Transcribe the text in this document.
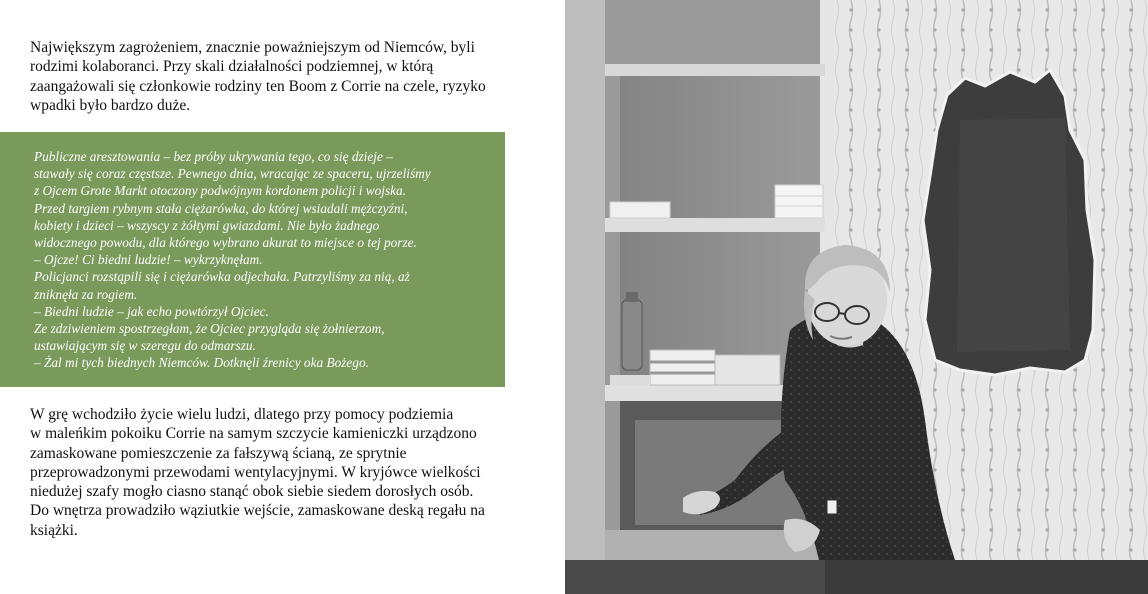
Największym zagrożeniem, znacznie poważniejszym od Niemców, byli
rodzimi kolaboranci. Przy skali działalności podziemnej, w którą
zaangażowali się członkowie rodziny ten Boom z Corrie na czele, ryzyko
wpadki było bardzo duże.

Publiczne aresztowania – bez próby ukrywania tego, co się dzieje –
stawały się coraz częstsze. Pewnego dnia, wracając ze spaceru, ujrzeliśmy
z Ojcem Grote Markt otoczony podwójnym kordonem policji i wojska.
Przed targiem rybnym stała ciężarówka, do której wsiadali mężczyźni,
kobiety i dzieci – wszyscy z żółtymi gwiazdami. Nie było żadnego
widocznego powodu, dla którego wybrano akurat to miejsce o tej porze.
– Ojcze! Ci biedni ludzie! – wykrzyknęłam.
Policjanci rozstąpili się i ciężarówka odjechała. Patrzyliśmy za nią, aż
zniknęła za rogiem.
– Biedni ludzie – jak echo powtórzył Ojciec.
Ze zdziwieniem spostrzegłam, że Ojciec przygląda się żołnierzom,
ustawiającym się w szeregu do odmarszu.
– Żal mi tych biednych Niemców. Dotknęli źrenicy oka Bożego.

W grę wchodziło życie wielu ludzi, dlatego przy pomocy podziemia
w maleńkim pokoiku Corrie na samym szczycie kamieniczki urządzono
zamaskowane pomieszczenie za fałszywą ścianą, ze sprytnie
przeprowadzonymi przewodami wentylacyjnymi. W kryjówce wielkości
niedużej szafy mogło ciasno stanąć obok siebie siedem dorosłych osób.
Do wnętrza prowadziło wąziutkie wejście, zamaskowane deską regału na
książki.
